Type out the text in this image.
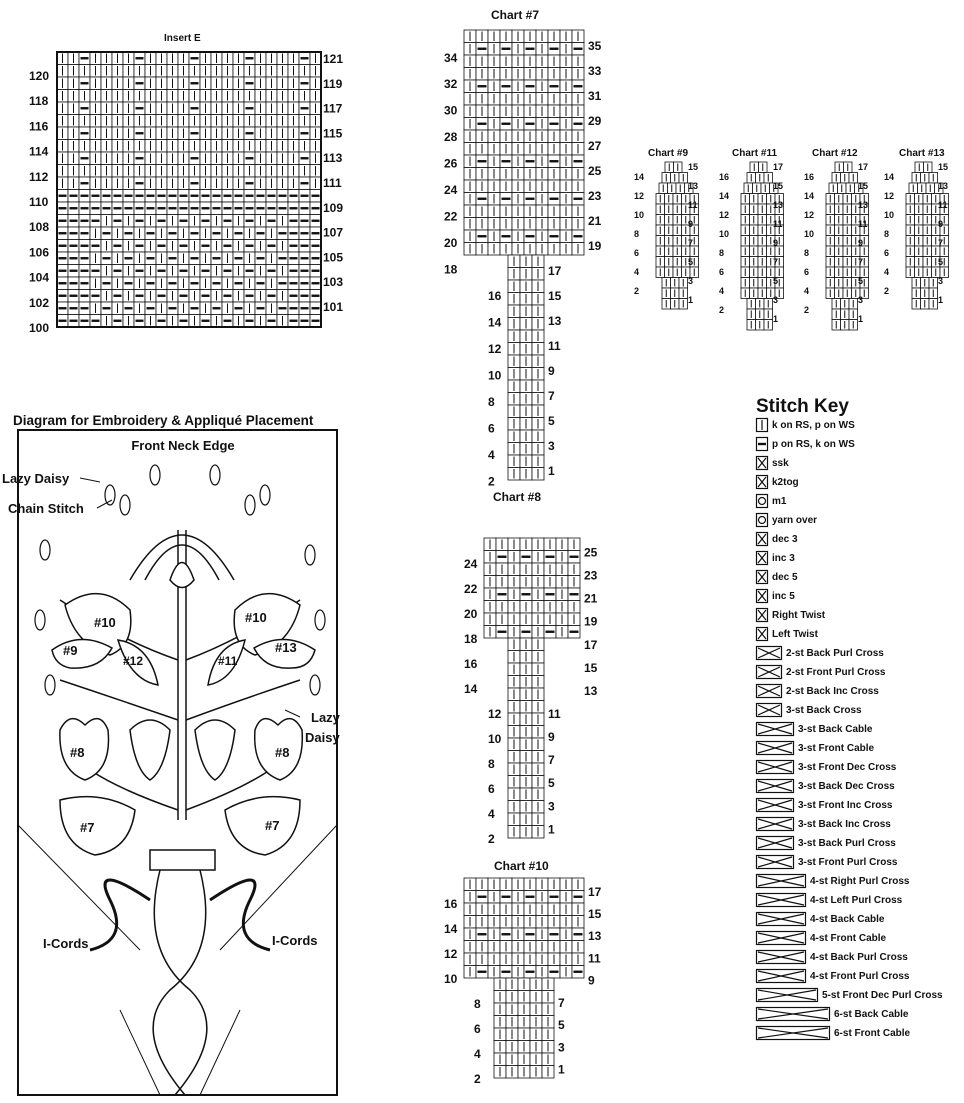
Insert E
120
118
116
114
112
110
108
106
104
102
100
121
119
117
115
113
111
109
107
105
103
101
Chart #7
35
33
31
29
27
25
23
21
19
17
15
13
11
9
7
5
3
1
34
32
30
28
26
24
22
20
18
16
14
12
10
8
6
4
2
Chart #8
25
23
21
19
17
15
13
11
9
7
5
3
1
24
22
20
18
16
14
12
10
8
6
4
2
Chart #10
17
15
13
11
9
7
5
3
1
16
14
12
10
8
6
4
2
Chart #9	Chart #11	Chart #12	Chart #13
15
13
11
9
7
5
3
1
14
12
10
8
6
4
2
17
15
13
11
9
7
5
3
1
16
14
12
10
8
6
4
2
17
15
13
11
9
7
5
3
1
16
14
12
10
8
6
4
2
15
13
11
9
7
5
3
1
14
12
10
8
6
4
2
Diagram for Embroidery & Appliqué Placement
Front Neck Edge
Lazy Daisy
Chain Stitch
Lazy
Daisy
I-Cords	I-Cords
#10	#10
#9
#12	#11
#13
#8	#8
#7	#7
Stitch Key
k on RS, p on WS
p on RS, k on WS
ssk
k2tog
m1
yarn over
dec 3
inc 3
dec 5
inc 5
Right Twist
Left Twist
2-st Back Purl Cross
2-st Front Purl Cross
2-st Back Inc Cross
3-st Back Cross
3-st Back Cable
3-st Front Cable
3-st Front Dec Cross
3-st Back Dec Cross
3-st Front Inc Cross
3-st Back Inc Cross
3-st Back Purl Cross
3-st Front Purl Cross
4-st Right Purl Cross
4-st Left Purl Cross
4-st Back Cable
4-st Front Cable
4-st Back Purl Cross
4-st Front Purl Cross
5-st Front Dec Purl Cross
6-st Back Cable
6-st Front Cable
